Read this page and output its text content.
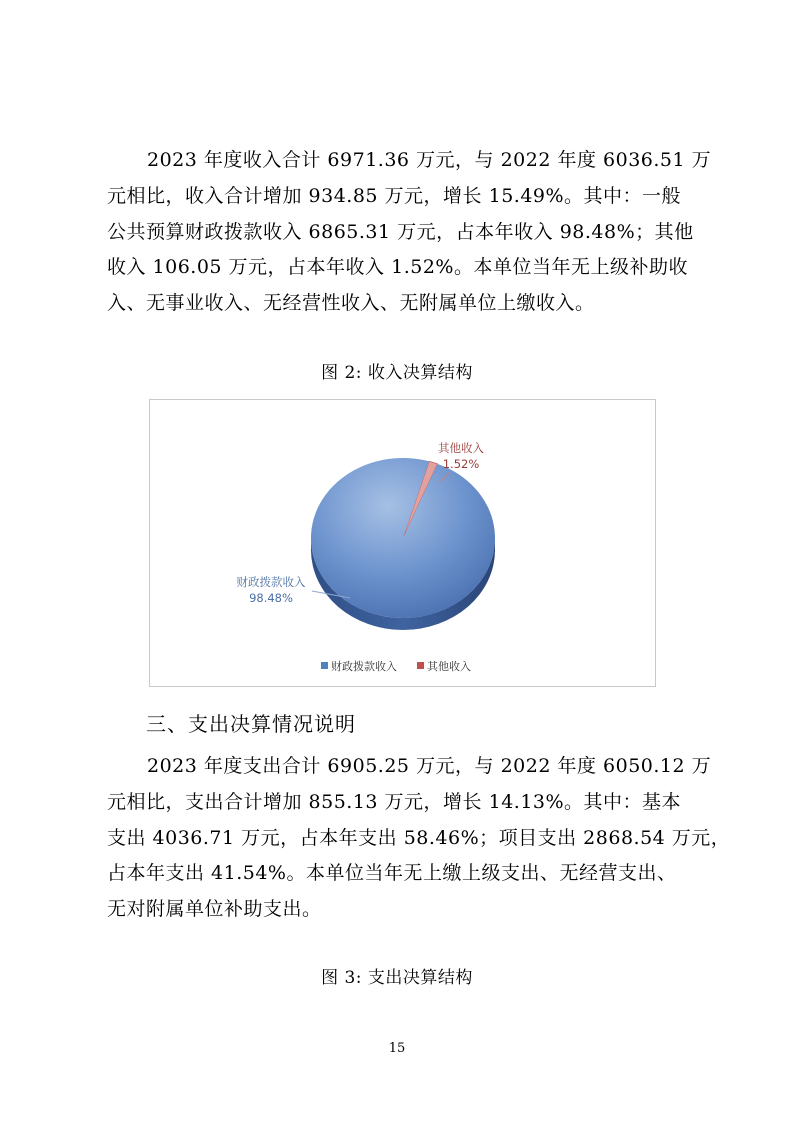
2023 年度收入合计 6971.36 万元，与 2022 年度 6036.51 万
元相比，收入合计增加 934.85 万元，增长 15.49%。其中：一般
公共预算财政拨款收入 6865.31 万元，占本年收入 98.48%；其他
收入 106.05 万元，占本年收入 1.52%。本单位当年无上级补助收
入、无事业收入、无经营性收入、无附属单位上缴收入。
图 2: 收入决算结构
其他收入
1.52%
财政拨款收入
98.48%
财政拨款收入	其他收入
三、支出决算情况说明
2023 年度支出合计 6905.25 万元，与 2022 年度 6050.12 万
元相比，支出合计增加 855.13 万元，增长 14.13%。其中：基本
支出 4036.71 万元，占本年支出 58.46%；项目支出 2868.54 万元，
占本年支出 41.54%。本单位当年无上缴上级支出、无经营支出、
无对附属单位补助支出。
图 3: 支出决算结构
15
